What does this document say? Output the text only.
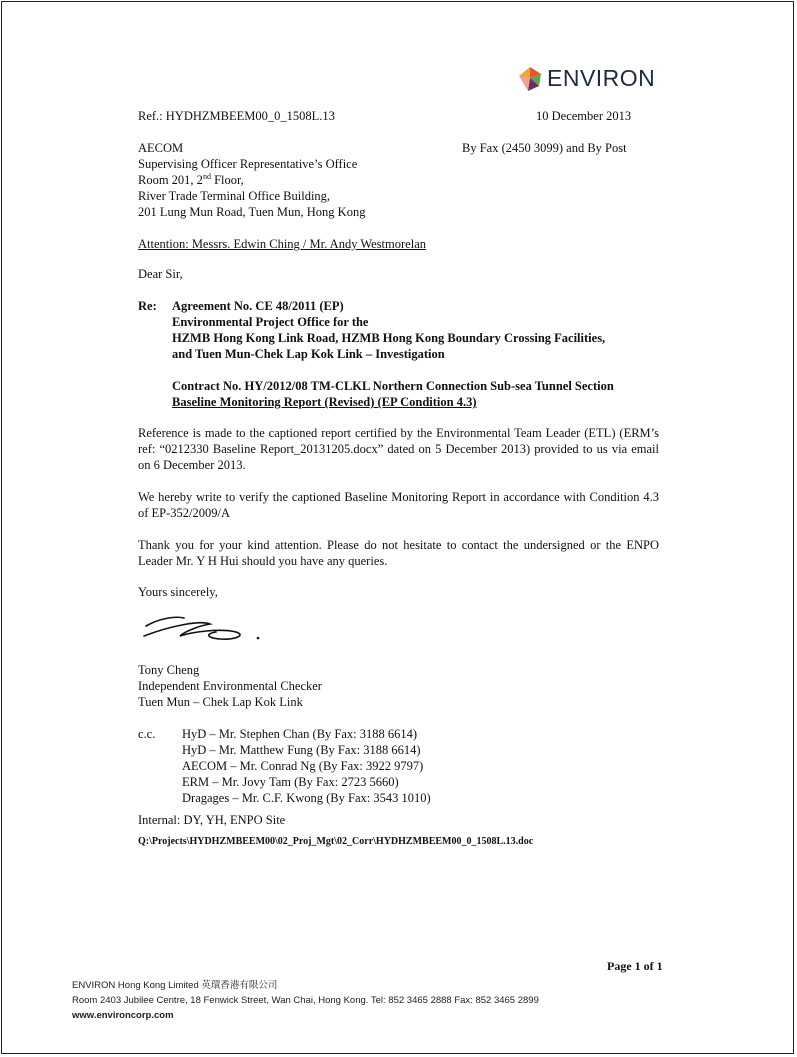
ENVIRON
Ref.: HYDHZMBEEM00_0_1508L.13	10 December 2013
AECOM
Supervising Officer Representative’s Office
Room 201, 2nd Floor,
River Trade Terminal Office Building,
201 Lung Mun Road, Tuen Mun, Hong Kong
By Fax (2450 3099) and By Post
Attention: Messrs. Edwin Ching / Mr. Andy Westmorelan
Dear Sir,
Re: Agreement No. CE 48/2011 (EP)
Environmental Project Office for the
HZMB Hong Kong Link Road, HZMB Hong Kong Boundary Crossing Facilities,
and Tuen Mun-Chek Lap Kok Link – Investigation
Contract No. HY/2012/08 TM-CLKL Northern Connection Sub-sea Tunnel Section
Baseline Monitoring Report (Revised) (EP Condition 4.3)
Reference is made to the captioned report certified by the Environmental Team Leader (ETL) (ERM’s ref: “0212330 Baseline Report_20131205.docx” dated on 5 December 2013) provided to us via email on 6 December 2013.
We hereby write to verify the captioned Baseline Monitoring Report in accordance with Condition 4.3 of EP-352/2009/A
Thank you for your kind attention. Please do not hesitate to contact the undersigned or the ENPO Leader Mr. Y H Hui should you have any queries.
Yours sincerely,
Tony Cheng
Independent Environmental Checker
Tuen Mun – Chek Lap Kok Link
c.c. HyD – Mr. Stephen Chan (By Fax: 3188 6614)
HyD – Mr. Matthew Fung (By Fax: 3188 6614)
AECOM – Mr. Conrad Ng (By Fax: 3922 9797)
ERM – Mr. Jovy Tam (By Fax: 2723 5660)
Dragages – Mr. C.F. Kwong (By Fax: 3543 1010)
Internal: DY, YH, ENPO Site
Q:\Projects\HYDHZMBEEM00\02_Proj_Mgt\02_Corr\HYDHZMBEEM00_0_1508L.13.doc
Page 1 of 1
ENVIRON Hong Kong Limited 英環香港有限公司
Room 2403 Jubilee Centre, 18 Fenwick Street, Wan Chai, Hong Kong. Tel: 852 3465 2888 Fax: 852 3465 2899
www.environcorp.com
